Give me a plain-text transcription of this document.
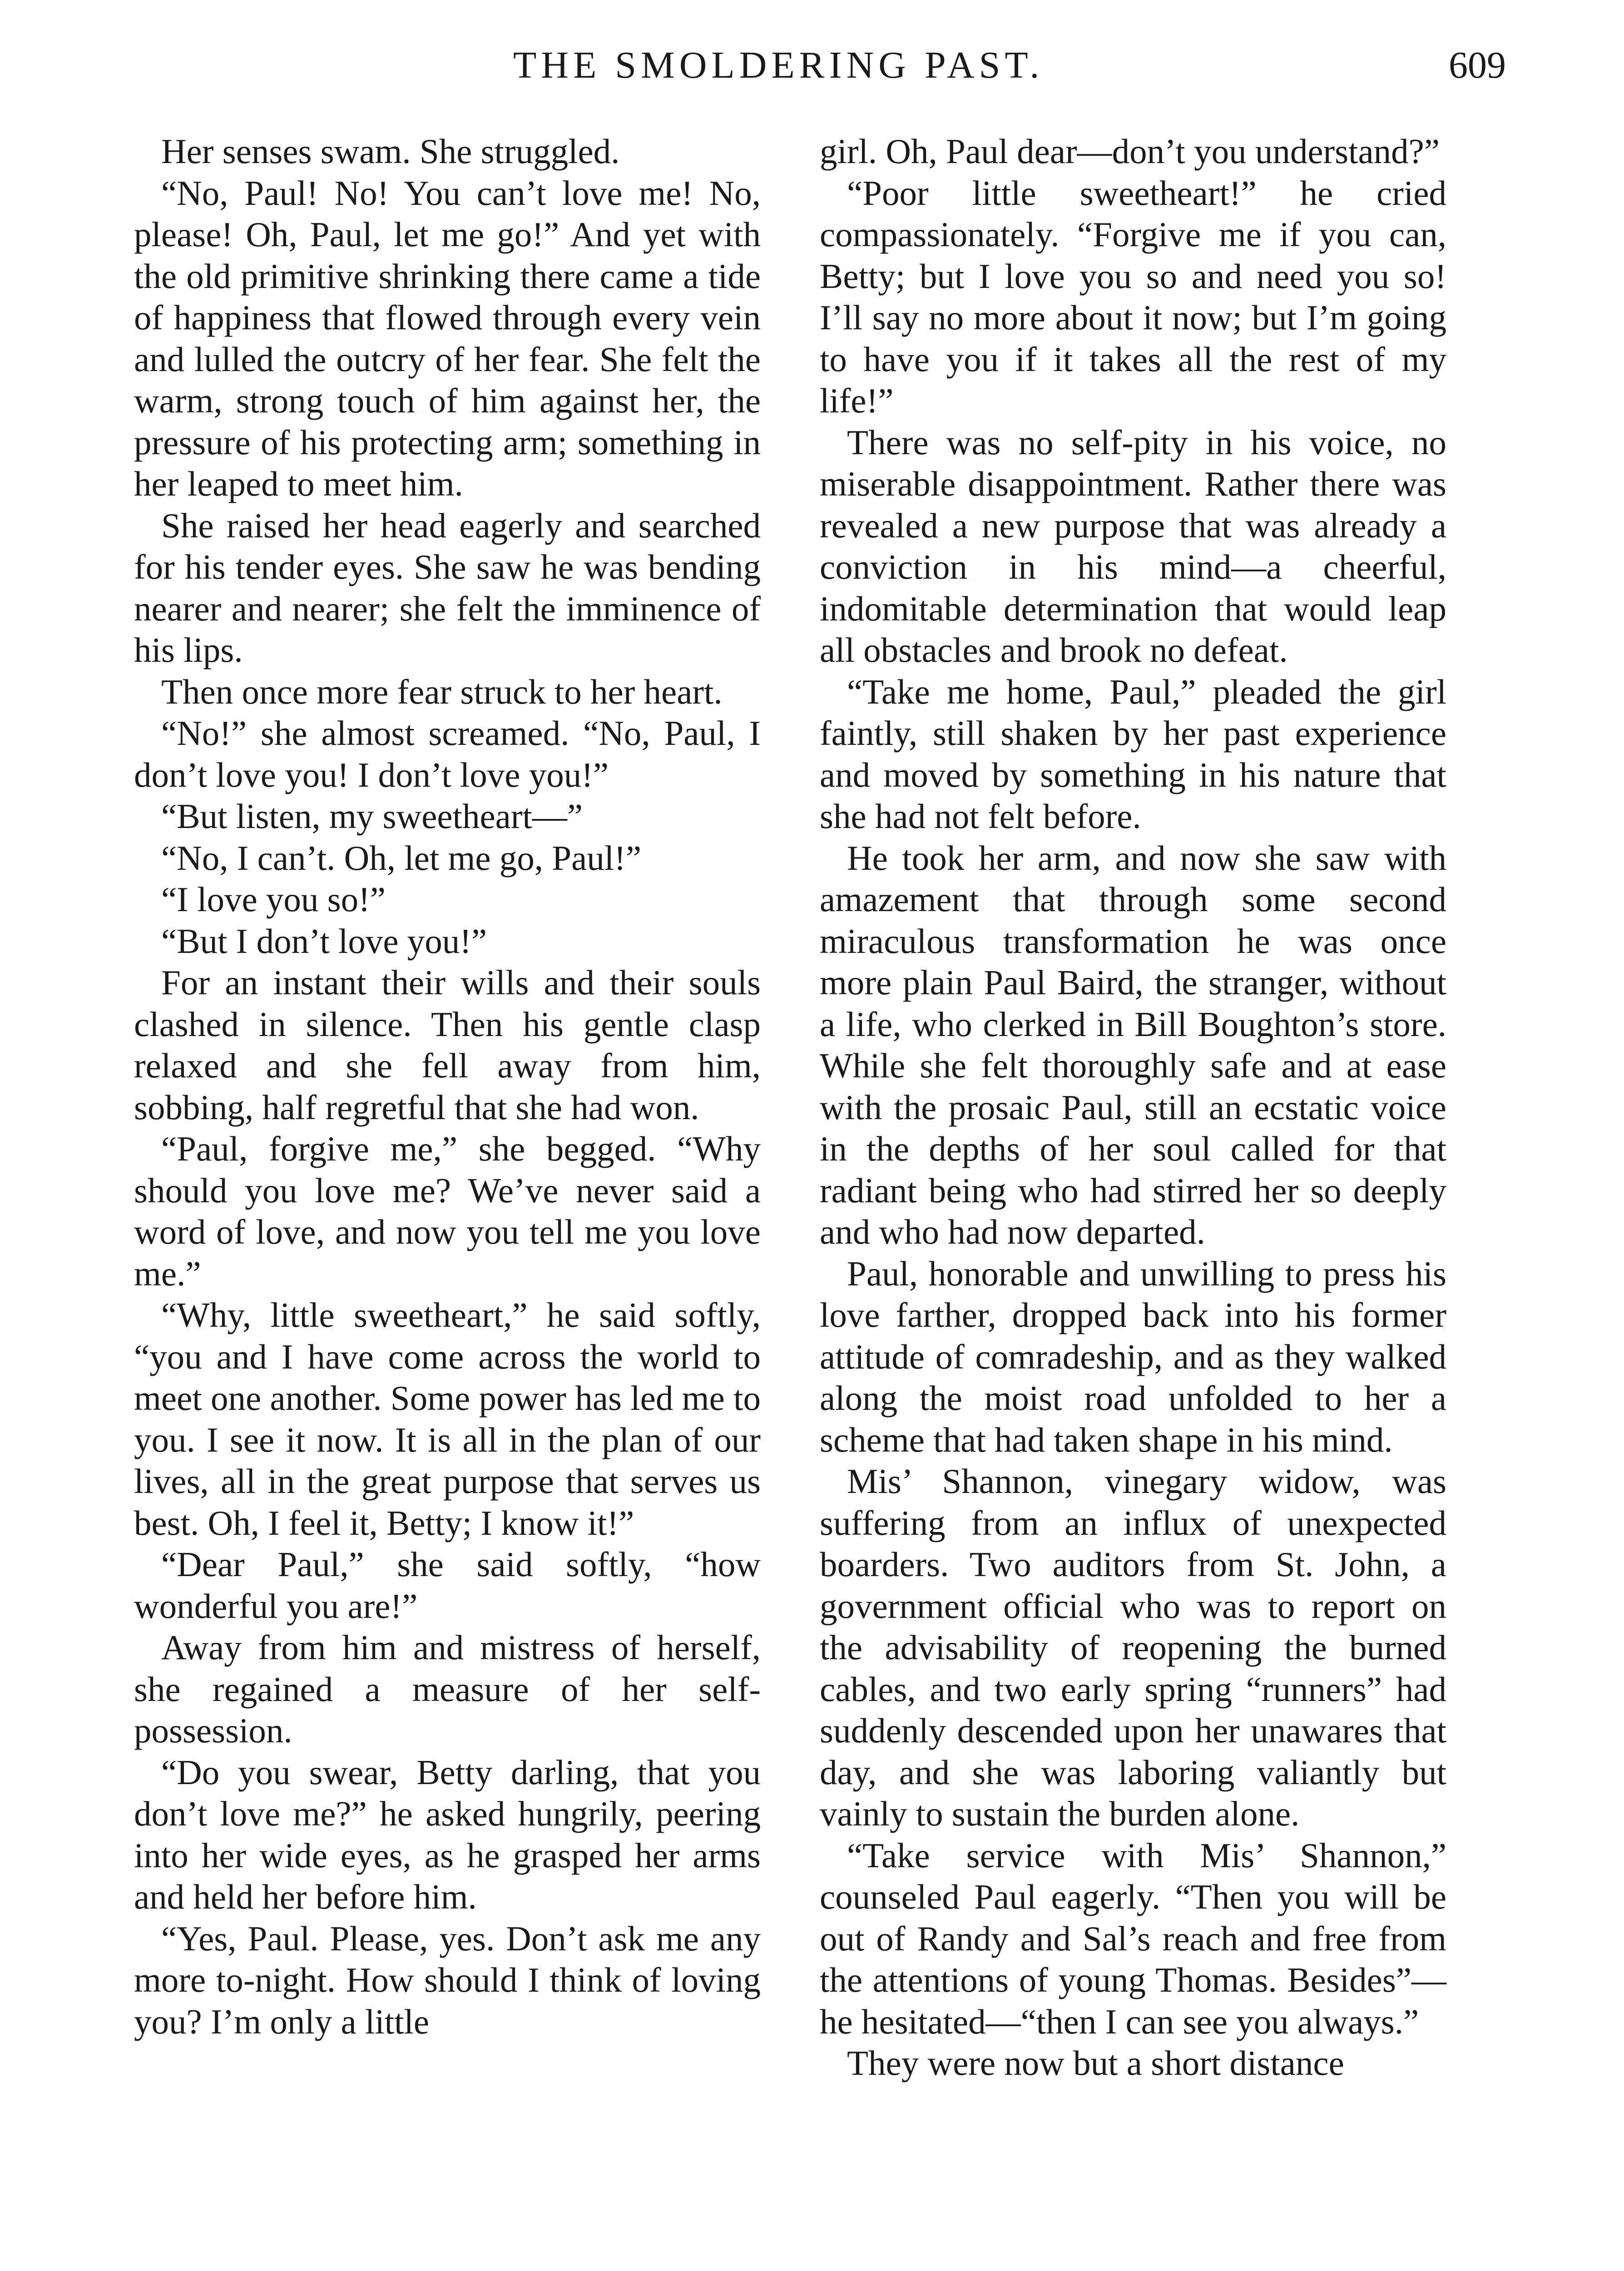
THE SMOLDERING PAST.	609

Her senses swam. She struggled.

“No, Paul! No! You can’t love me! No, please! Oh, Paul, let me go!” And yet with the old primitive shrinking there came a tide of happiness that flowed through every vein and lulled the outcry of her fear. She felt the warm, strong touch of him against her, the pressure of his protecting arm; something in her leaped to meet him.

She raised her head eagerly and searched for his tender eyes. She saw he was bending nearer and nearer; she felt the imminence of his lips.

Then once more fear struck to her heart.

“No!” she almost screamed. “No, Paul, I don’t love you! I don’t love you!”

“But listen, my sweetheart—”

“No, I can’t. Oh, let me go, Paul!”

“I love you so!”

“But I don’t love you!”

For an instant their wills and their souls clashed in silence. Then his gentle clasp relaxed and she fell away from him, sobbing, half regretful that she had won.

“Paul, forgive me,” she begged. “Why should you love me? We’ve never said a word of love, and now you tell me you love me.”

“Why, little sweetheart,” he said softly, “you and I have come across the world to meet one another. Some power has led me to you. I see it now. It is all in the plan of our lives, all in the great purpose that serves us best. Oh, I feel it, Betty; I know it!”

“Dear Paul,” she said softly, “how wonderful you are!”

Away from him and mistress of herself, she regained a measure of her self-possession.

“Do you swear, Betty darling, that you don’t love me?” he asked hungrily, peering into her wide eyes, as he grasped her arms and held her before him.

“Yes, Paul. Please, yes. Don’t ask me any more to-night. How should I think of loving you? I’m only a little

girl. Oh, Paul dear—don’t you understand?”

“Poor little sweetheart!” he cried compassionately. “Forgive me if you can, Betty; but I love you so and need you so! I’ll say no more about it now; but I’m going to have you if it takes all the rest of my life!”

There was no self-pity in his voice, no miserable disappointment. Rather there was revealed a new purpose that was already a conviction in his mind—a cheerful, indomitable determination that would leap all obstacles and brook no defeat.

“Take me home, Paul,” pleaded the girl faintly, still shaken by her past experience and moved by something in his nature that she had not felt before.

He took her arm, and now she saw with amazement that through some second miraculous transformation he was once more plain Paul Baird, the stranger, without a life, who clerked in Bill Boughton’s store. While she felt thoroughly safe and at ease with the prosaic Paul, still an ecstatic voice in the depths of her soul called for that radiant being who had stirred her so deeply and who had now departed.

Paul, honorable and unwilling to press his love farther, dropped back into his former attitude of comradeship, and as they walked along the moist road unfolded to her a scheme that had taken shape in his mind.

Mis’ Shannon, vinegary widow, was suffering from an influx of unexpected boarders. Two auditors from St. John, a government official who was to report on the advisability of reopening the burned cables, and two early spring “runners” had suddenly descended upon her unawares that day, and she was laboring valiantly but vainly to sustain the burden alone.

“Take service with Mis’ Shannon,” counseled Paul eagerly. “Then you will be out of Randy and Sal’s reach and free from the attentions of young Thomas. Besides”—he hesitated—“then I can see you always.”

They were now but a short distance
